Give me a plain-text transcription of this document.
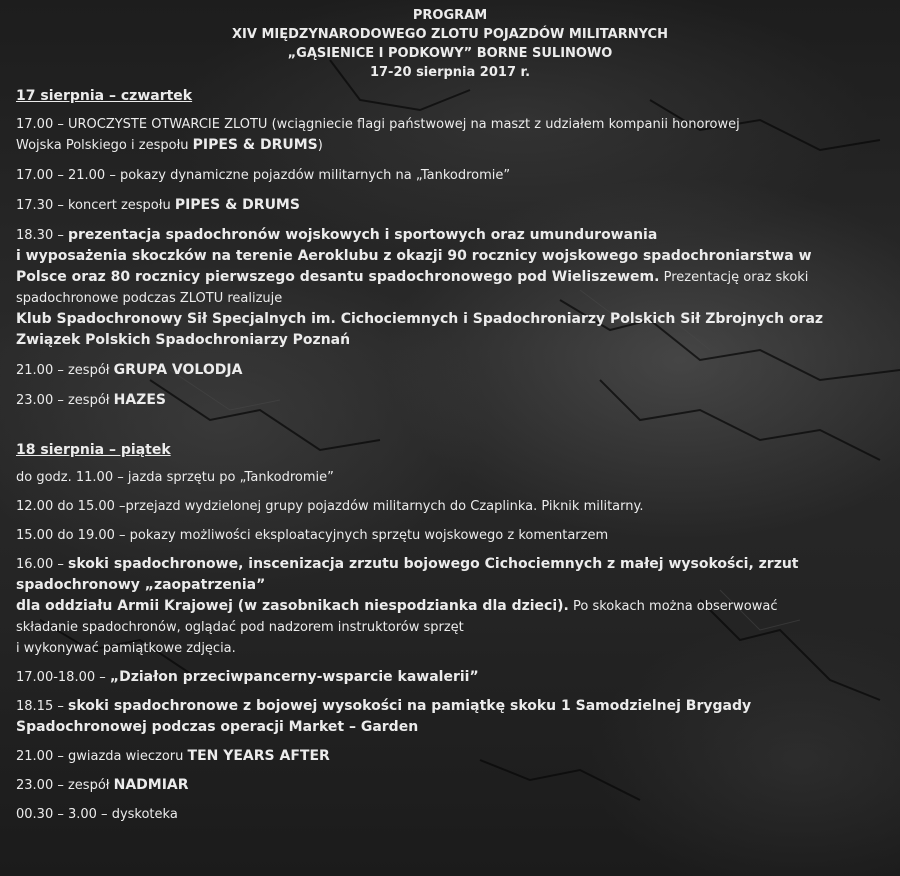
PROGRAM
XIV MIĘDZYNARODOWEGO ZLOTU POJAZDÓW MILITARNYCH
„GĄSIENICE I PODKOWY” BORNE SULINOWO
17-20 sierpnia 2017 r.
17 sierpnia – czwartek

17.00 – UROCZYSTE OTWARCIE ZLOTU (wciągniecie flagi państwowej na maszt z udziałem kompanii honorowej
Wojska Polskiego i zespołu PIPES & DRUMS)

17.00 – 21.00 – pokazy dynamiczne pojazdów militarnych na „Tankodromie”

17.30 – koncert zespołu PIPES & DRUMS

18.30 – prezentacja spadochronów wojskowych i sportowych oraz umundurowania
i wyposażenia skoczków na terenie Aeroklubu z okazji 90 rocznicy wojskowego spadochroniarstwa w
Polsce oraz 80 rocznicy pierwszego desantu spadochronowego pod Wieliszewem. Prezentację oraz skoki
spadochronowe podczas ZLOTU realizuje
Klub Spadochronowy Sił Specjalnych im. Cichociemnych i Spadochroniarzy Polskich Sił Zbrojnych oraz
Związek Polskich Spadochroniarzy Poznań

21.00 – zespół GRUPA VOLODJA

23.00 – zespół HAZES

18 sierpnia – piątek

do godz. 11.00 – jazda sprzętu po „Tankodromie”

12.00 do 15.00 –przejazd wydzielonej grupy pojazdów militarnych do Czaplinka. Piknik militarny.

15.00 do 19.00 – pokazy możliwości eksploatacyjnych sprzętu wojskowego z komentarzem

16.00 – skoki spadochronowe, inscenizacja zrzutu bojowego Cichociemnych z małej wysokości, zrzut
spadochronowy „zaopatrzenia”
dla oddziału Armii Krajowej (w zasobnikach niespodzianka dla dzieci). Po skokach można obserwować
składanie spadochronów, oglądać pod nadzorem instruktorów sprzęt
i wykonywać pamiątkowe zdjęcia.

17.00-18.00 – „Działon przeciwpancerny-wsparcie kawalerii”

18.15 – skoki spadochronowe z bojowej wysokości na pamiątkę skoku 1 Samodzielnej Brygady
Spadochronowej podczas operacji Market – Garden

21.00 – gwiazda wieczoru TEN YEARS AFTER

23.00 – zespół NADMIAR

00.30 – 3.00 – dyskoteka
